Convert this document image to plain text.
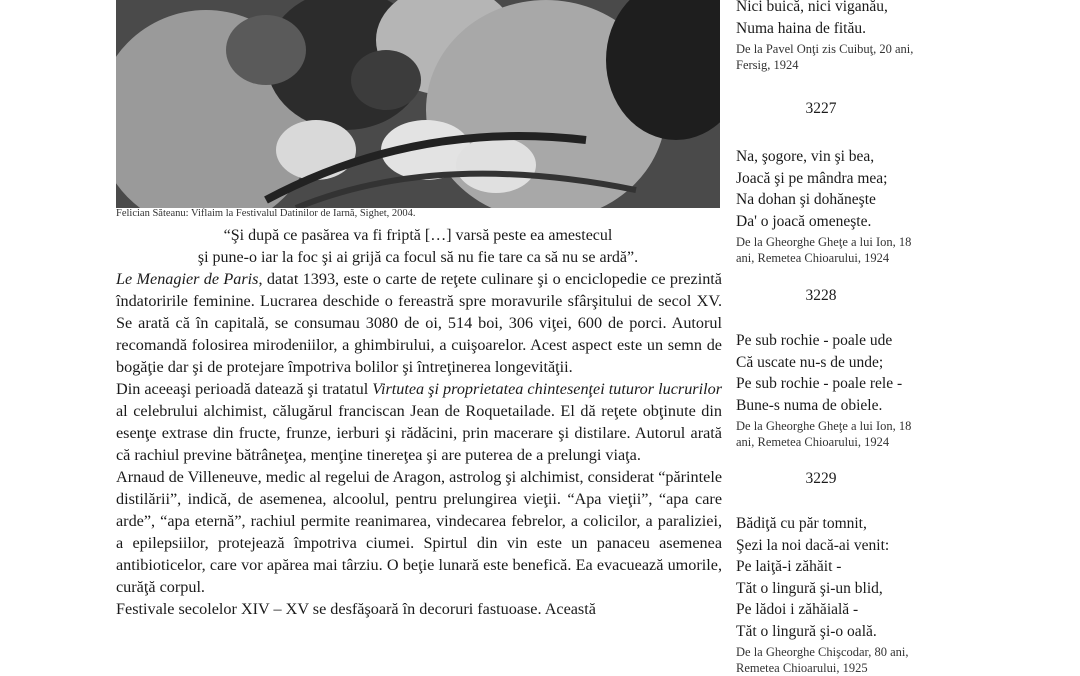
Felician Săteanu: Viflaim la Festivalul Datinilor de Iarnă, Sighet, 2004.
“Şi după ce pasărea va fi friptă […] varsă peste ea amestecul
şi pune-o iar la foc şi ai grijă ca focul să nu fie tare ca să nu se ardă”.

Le Menagier de Paris, datat 1393, este o carte de reţete culinare şi o enciclopedie ce prezintă îndatoririle feminine. Lucrarea deschide o fereastră spre moravurile sfârşitului de secol XV. Se arată că în capitală, se consumau 3080 de oi, 514 boi, 306 viţei, 600 de porci. Autorul recomandă folosirea mirodeniilor, a ghimbirului, a cuişoarelor. Acest aspect este un semn de bogăţie dar şi de protejare împotriva bolilor şi întreţinerea longevităţii.

Din aceeaşi perioadă datează şi tratatul Virtutea şi proprietatea chintesenţei tuturor lucrurilor al celebrului alchimist, călugărul franciscan Jean de Roquetailade. El dă reţete obţinute din esenţe extrase din fructe, frunze, ierburi şi rădăcini, prin macerare şi distilare. Autorul arată că rachiul previne bătrâneţea, menţine tinereţea şi are puterea de a prelungi viaţa.

Arnaud de Villeneuve, medic al regelui de Aragon, astrolog şi alchimist, considerat “părintele distilării”, indică, de asemenea, alcoolul, pentru prelungirea vieţii. “Apa vieţii”, “apa care arde”, “apa eternă”, rachiul permite reanimarea, vindecarea febrelor, a colicilor, a paraliziei, a epilepsiilor, protejează împotriva ciumei. Spirtul din vin este un panaceu asemenea antibioticelor, care vor apărea mai târziu. O beţie lunară este benefică. Ea evacuează umorile, curăţă corpul.

Festivale secolelor XIV – XV se desfăşoară în decoruri fastuoase. Această

Nici buică, nici viganău,
Numa haina de fitău.
De la Pavel Onţi zis Cuibuţ, 20 ani,
Fersig, 1924
3227
Na, şogore, vin şi bea,
Joacă şi pe mândra mea;
Na dohan şi dohăneşte
Da' o joacă omeneşte.
De la Gheorghe Gheţe a lui Ion, 18
ani, Remetea Chioarului, 1924
3228
Pe sub rochie - poale ude
Că uscate nu-s de unde;
Pe sub rochie - poale rele -
Bune-s numa de obiele.
De la Gheorghe Gheţe a lui Ion, 18
ani, Remetea Chioarului, 1924
3229
Bădiţă cu păr tomnit,
Şezi la noi dacă-ai venit:
Pe laiţă-i zăhăit -
Tăt o lingură şi-un blid,
Pe lădoi i zăhăială -
Tăt o lingură şi-o oală.
De la Gheorghe Chişcodar, 80 ani,
Remetea Chioarului, 1925
